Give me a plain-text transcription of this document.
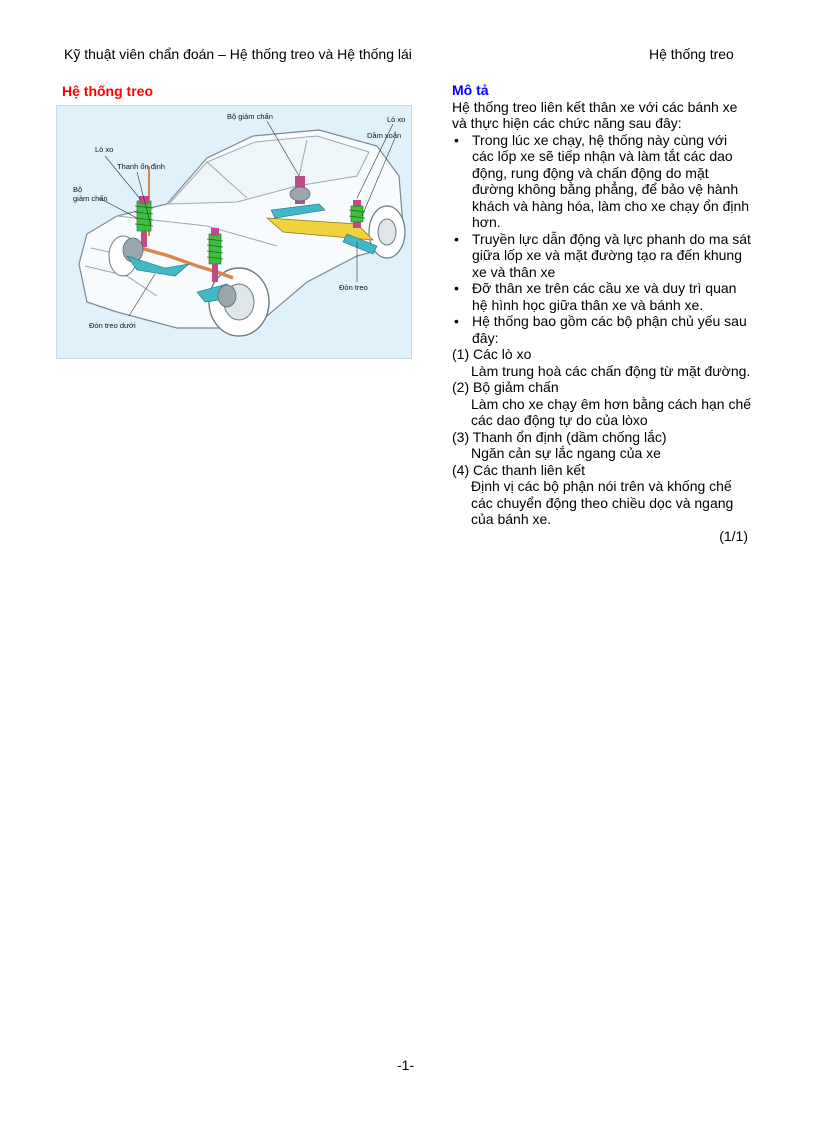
Kỹ thuật viên chẩn đoán – Hệ thống treo và Hệ thống lái	Hệ thống treo
Hệ thống treo
Bộ giảm chấn	Lò xo
Dầm xoắn
Lò xo
Thanh ổn định
Bộ
giảm chấn
Đòn treo
Đòn treo dưới
Mô tả
Hệ thống treo liên kết thân xe với các bánh xe và thực hiện các chức năng sau đây:
• Trong lúc xe chạy, hệ thống này cùng với các lốp xe sẽ tiếp nhận và làm tắt các dao động, rung động và chấn động do mặt đường không bằng phẳng, để bảo vệ hành khách và hàng hóa, làm cho xe chạy ổn định hơn.
• Truyền lực dẫn động và lực phanh do ma sát giữa lốp xe và mặt đường tạo ra đến khung xe và thân xe
• Đỡ thân xe trên các cầu xe và duy trì quan hệ hình học giữa thân xe và bánh xe.
• Hệ thống bao gồm các bộ phận chủ yếu sau đây:
(1) Các lò xo
Làm trung hoà các chấn động từ mặt đường.
(2) Bộ giảm chấn
Làm cho xe chạy êm hơn bằng cách hạn chế các dao động tự do của lòxo
(3) Thanh ổn định (dầm chống lắc)
Ngăn cản sự lắc ngang của xe
(4) Các thanh liên kết
Định vị các bộ phận nói trên và khống chế các chuyển động theo chiều dọc và ngang của bánh xe.
(1/1)
-1-
